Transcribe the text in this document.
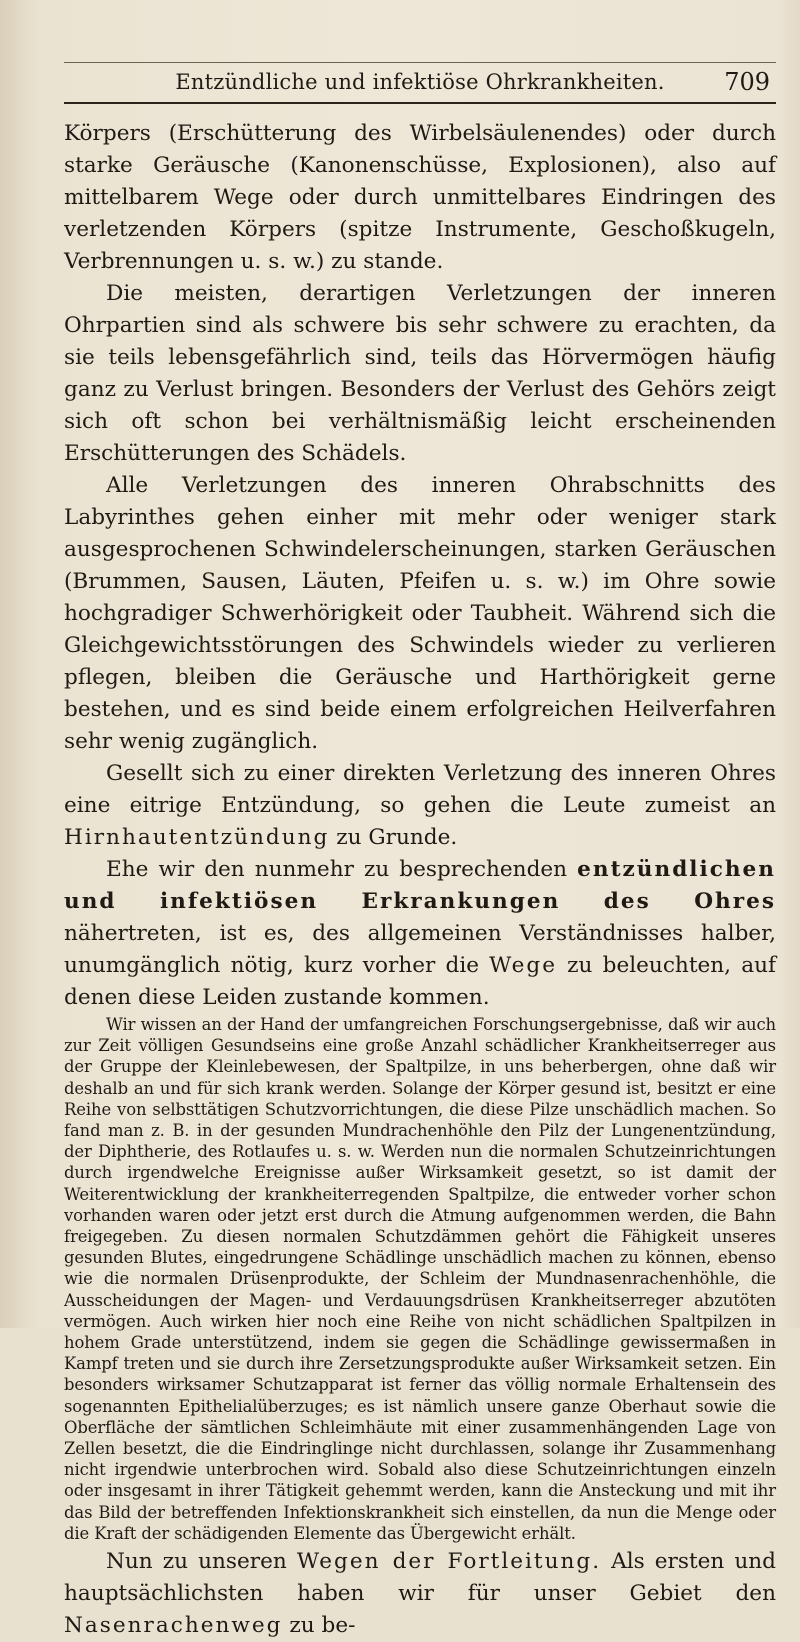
Entzündliche und infektiöse Ohrkrankheiten.	709

Körpers (Erschütterung des Wirbelsäulenendes) oder durch starke Geräusche (Kanonenschüsse, Explosionen), also auf mittelbarem Wege oder durch unmittelbares Eindringen des verletzenden Körpers (spitze Instrumente, Geschoßkugeln, Verbrennungen u. s. w.) zu stande.

Die meisten, derartigen Verletzungen der inneren Ohrpartien sind als schwere bis sehr schwere zu erachten, da sie teils lebensgefährlich sind, teils das Hörvermögen häufig ganz zu Verlust bringen. Besonders der Verlust des Gehörs zeigt sich oft schon bei verhältnismäßig leicht erscheinenden Erschütterungen des Schädels.

Alle Verletzungen des inneren Ohrabschnitts des Labyrinthes gehen einher mit mehr oder weniger stark ausgesprochenen Schwindelerscheinungen, starken Geräuschen (Brummen, Sausen, Läuten, Pfeifen u. s. w.) im Ohre sowie hochgradiger Schwerhörigkeit oder Taubheit. Während sich die Gleichgewichtsstörungen des Schwindels wieder zu verlieren pflegen, bleiben die Geräusche und Harthörigkeit gerne bestehen, und es sind beide einem erfolgreichen Heilverfahren sehr wenig zugänglich.

Gesellt sich zu einer direkten Verletzung des inneren Ohres eine eitrige Entzündung, so gehen die Leute zumeist an Hirnhautentzündung zu Grunde.

Ehe wir den nunmehr zu besprechenden entzündlichen und infektiösen Erkrankungen des Ohres nähertreten, ist es, des allgemeinen Verständnisses halber, unumgänglich nötig, kurz vorher die Wege zu beleuchten, auf denen diese Leiden zustande kommen.

Wir wissen an der Hand der umfangreichen Forschungsergebnisse, daß wir auch zur Zeit völligen Gesundseins eine große Anzahl schädlicher Krankheitserreger aus der Gruppe der Kleinlebewesen, der Spaltpilze, in uns beherbergen, ohne daß wir deshalb an und für sich krank werden. Solange der Körper gesund ist, besitzt er eine Reihe von selbsttätigen Schutzvorrichtungen, die diese Pilze unschädlich machen. So fand man z. B. in der gesunden Mundrachenhöhle den Pilz der Lungenentzündung, der Diphtherie, des Rotlaufes u. s. w. Werden nun die normalen Schutzeinrichtungen durch irgendwelche Ereignisse außer Wirksamkeit gesetzt, so ist damit der Weiterentwicklung der krankheiterregenden Spaltpilze, die entweder vorher schon vorhanden waren oder jetzt erst durch die Atmung aufgenommen werden, die Bahn freigegeben. Zu diesen normalen Schutzdämmen gehört die Fähigkeit unseres gesunden Blutes, eingedrungene Schädlinge unschädlich machen zu können, ebenso wie die normalen Drüsenprodukte, der Schleim der Mundnasenrachenhöhle, die Ausscheidungen der Magen- und Verdauungsdrüsen Krankheitserreger abzutöten vermögen. Auch wirken hier noch eine Reihe von nicht schädlichen Spaltpilzen in hohem Grade unterstützend, indem sie gegen die Schädlinge gewissermaßen in Kampf treten und sie durch ihre Zersetzungsprodukte außer Wirksamkeit setzen. Ein besonders wirksamer Schutzapparat ist ferner das völlig normale Erhaltensein des sogenannten Epithelialüberzuges; es ist nämlich unsere ganze Oberhaut sowie die Oberfläche der sämtlichen Schleimhäute mit einer zusammenhängenden Lage von Zellen besetzt, die die Eindringlinge nicht durchlassen, solange ihr Zusammenhang nicht irgendwie unterbrochen wird. Sobald also diese Schutzeinrichtungen einzeln oder insgesamt in ihrer Tätigkeit gehemmt werden, kann die Ansteckung und mit ihr das Bild der betreffenden Infektionskrankheit sich einstellen, da nun die Menge oder die Kraft der schädigenden Elemente das Übergewicht erhält.

Nun zu unseren Wegen der Fortleitung. Als ersten und hauptsächlichsten haben wir für unser Gebiet den Nasenrachenweg zu be-
